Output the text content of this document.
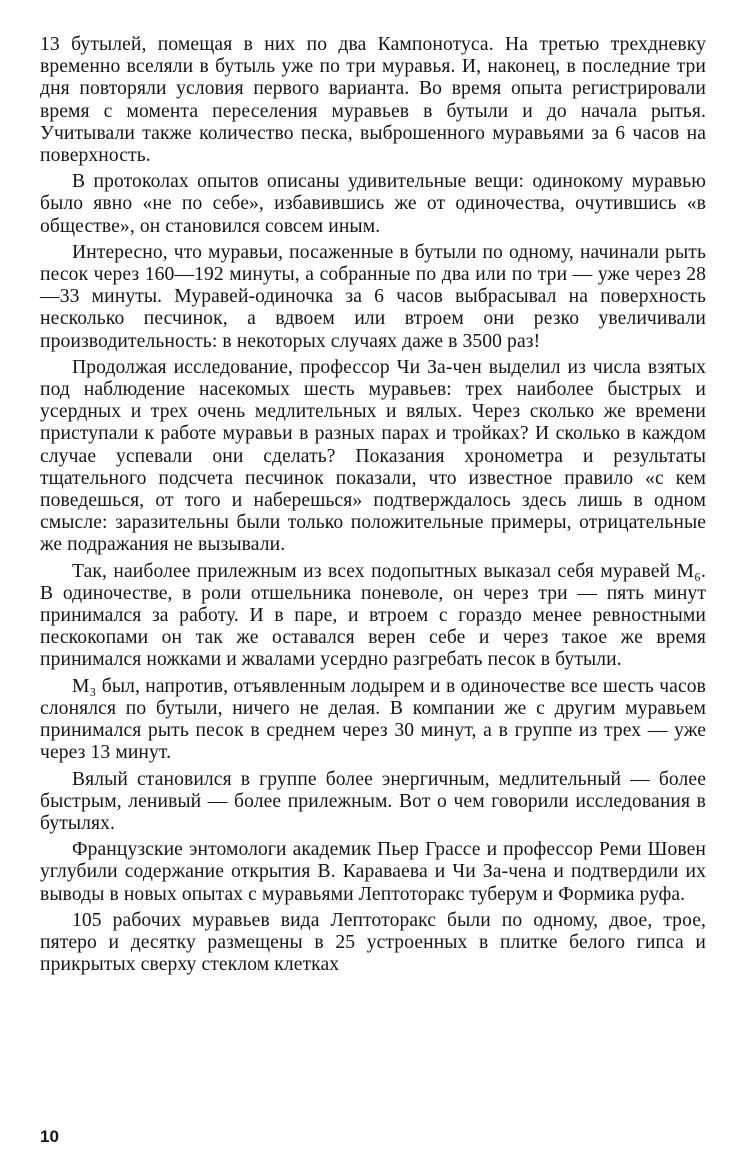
13 бутылей, помещая в них по два Кампонотуса. На третью трехдневку временно вселяли в бутыль уже по три муравья. И, наконец, в последние три дня повторяли условия первого варианта. Во время опыта регистрировали время с момента переселения муравьев в бутыли и до начала рытья. Учитывали также количество песка, выброшенного муравьями за 6 часов на поверхность.

В протоколах опытов описаны удивительные вещи: одинокому муравью было явно «не по себе», избавившись же от одиночества, очутившись «в обществе», он становился совсем иным.

Интересно, что муравьи, посаженные в бутыли по одному, начинали рыть песок через 160—192 минуты, а собранные по два или по три — уже через 28—33 минуты. Муравей-одиночка за 6 часов выбрасывал на поверхность несколько песчинок, а вдвоем или втроем они резко увеличивали производительность: в некоторых случаях даже в 3500 раз!

Продолжая исследование, профессор Чи За-чен выделил из числа взятых под наблюдение насекомых шесть муравьев: трех наиболее быстрых и усердных и трех очень медлительных и вялых. Через сколько же времени приступали к работе муравьи в разных парах и тройках? И сколько в каждом случае успевали они сделать? Показания хронометра и результаты тщательного подсчета песчинок показали, что известное правило «с кем поведешься, от того и наберешься» подтверждалось здесь лишь в одном смысле: заразительны были только положительные примеры, отрицательные же подражания не вызывали.

Так, наиболее прилежным из всех подопытных выказал себя муравей М₆. В одиночестве, в роли отшельника поневоле, он через три — пять минут принимался за работу. И в паре, и втроем с гораздо менее ревностными пескокопами он так же оставался верен себе и через такое же время принимался ножками и жвалами усердно разгребать песок в бутыли.

М₃ был, напротив, отъявленным лодырем и в одиночестве все шесть часов слонялся по бутыли, ничего не делая. В компании же с другим муравьем принимался рыть песок в среднем через 30 минут, а в группе из трех — уже через 13 минут.

Вялый становился в группе более энергичным, медлительный — более быстрым, ленивый — более прилежным. Вот о чем говорили исследования в бутылях.

Французские энтомологи академик Пьер Грассе и профессор Реми Шовен углубили содержание открытия В. Караваева и Чи За-чена и подтвердили их выводы в новых опытах с муравьями Лептоторакс туберум и Формика руфа.

105 рабочих муравьев вида Лептоторакс были по одному, двое, трое, пятеро и десятку размещены в 25 устроенных в плитке белого гипса и прикрытых сверху стеклом клетках

10
